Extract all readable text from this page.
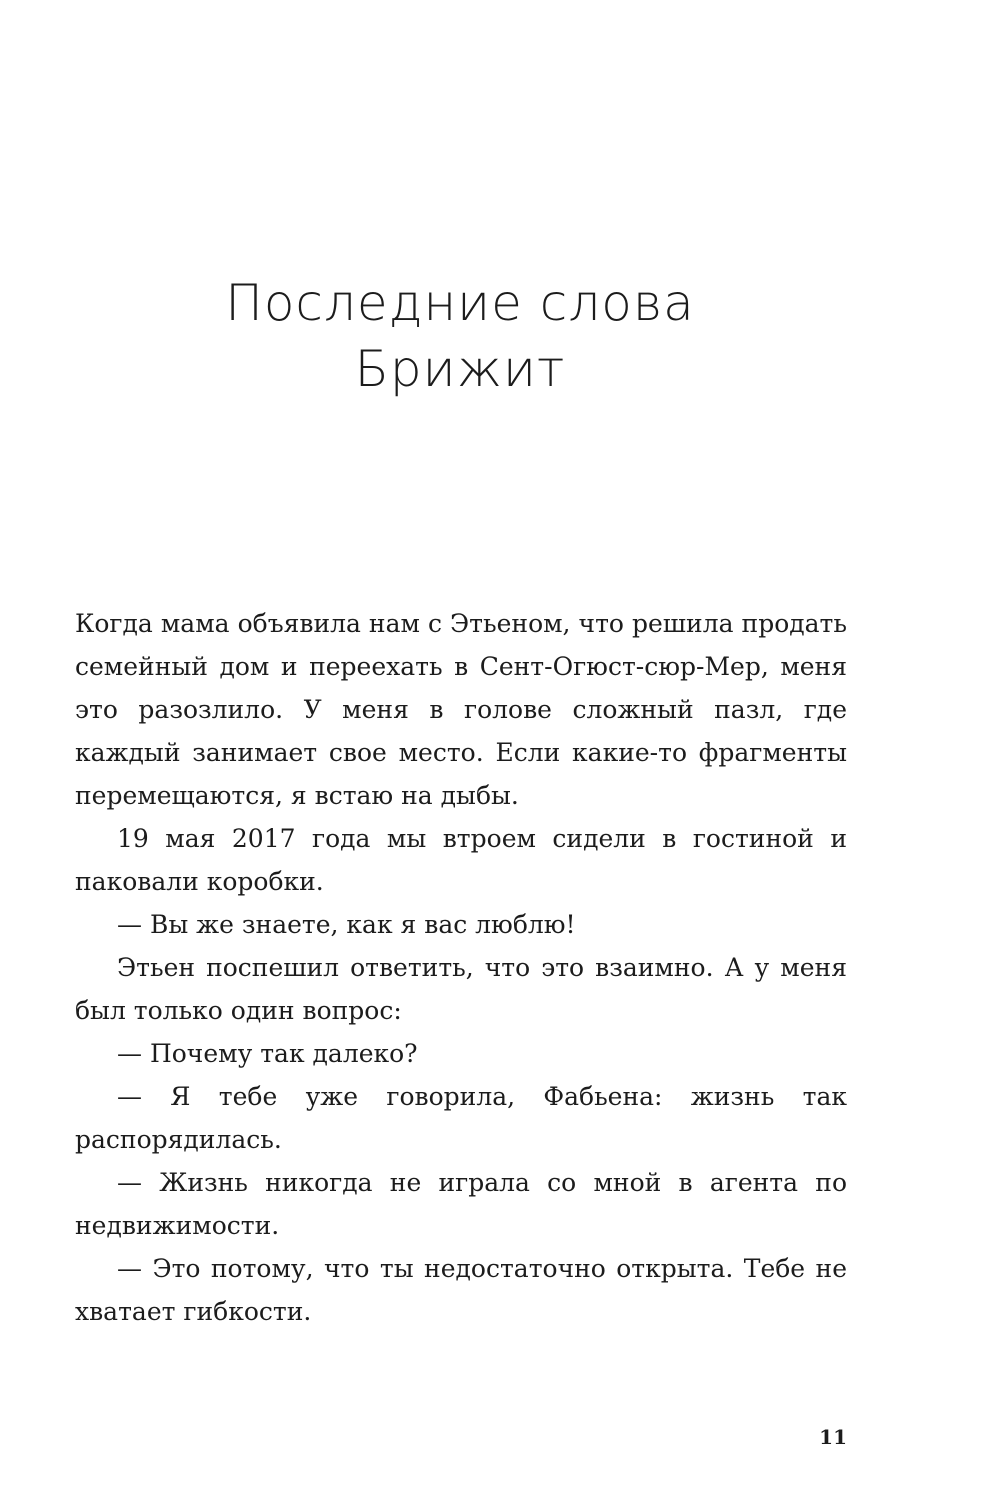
Последние слова
Брижит

Когда мама объявила нам с Этьеном, что решила продать семейный дом и переехать в Сент-Огюст-сюр-Мер, меня это разозлило. У меня в голове сложный пазл, где каждый занимает свое место. Если какие-то фрагменты перемещаются, я встаю на дыбы.

19 мая 2017 года мы втроем сидели в гостиной и паковали коробки.

— Вы же знаете, как я вас люблю!

Этьен поспешил ответить, что это взаимно. А у меня был только один вопрос:

— Почему так далеко?

— Я тебе уже говорила, Фабьена: жизнь так распорядилась.

— Жизнь никогда не играла со мной в агента по недвижимости.

— Это потому, что ты недостаточно открыта. Тебе не хватает гибкости.

11
